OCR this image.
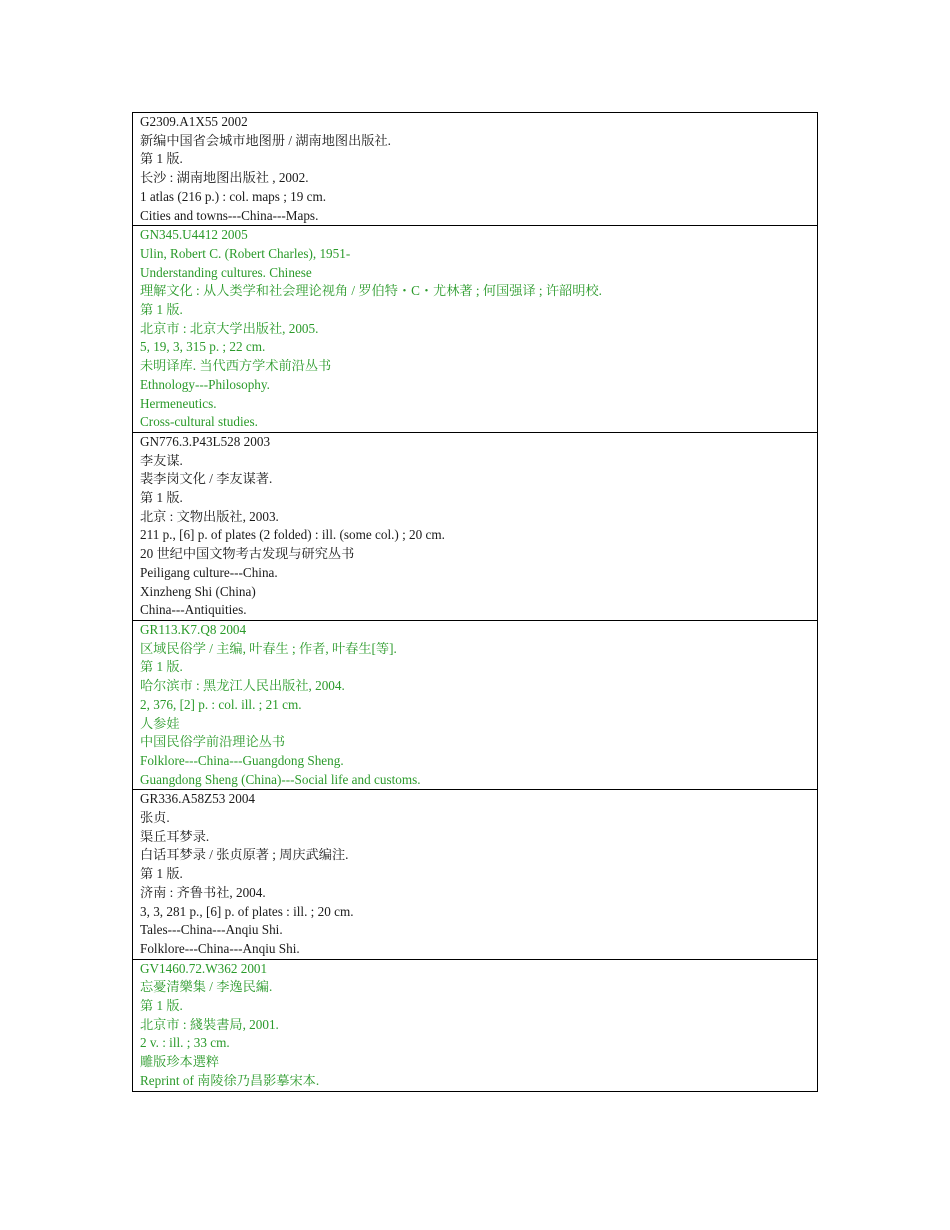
G2309.A1X55 2002
新编中国省会城市地图册 / 湖南地图出版社.
第 1 版.
长沙 : 湖南地图出版社 , 2002.
1 atlas (216 p.) : col. maps ; 19 cm.
Cities and towns---China---Maps.

GN345.U4412 2005
Ulin, Robert C. (Robert Charles), 1951-
Understanding cultures. Chinese
理解文化 : 从人类学和社会理论视角 / 罗伯特・C・尤林著 ; 何国强译 ; 许韶明校.
第 1 版.
北京市 : 北京大学出版社, 2005.
5, 19, 3, 315 p. ; 22 cm.
未明译库. 当代西方学术前沿丛书
Ethnology---Philosophy.
Hermeneutics.
Cross-cultural studies.

GN776.3.P43L528 2003
李友谋.
裴李岗文化 / 李友谋著.
第 1 版.
北京 : 文物出版社, 2003.
211 p., [6] p. of plates (2 folded) : ill. (some col.) ; 20 cm.
20 世纪中国文物考古发现与研究丛书
Peiligang culture---China.
Xinzheng Shi (China)
China---Antiquities.

GR113.K7.Q8 2004
区域民俗学 / 主编, 叶春生 ; 作者, 叶春生[等].
第 1 版.
哈尔滨市 : 黑龙江人民出版社, 2004.
2, 376, [2] p. : col. ill. ; 21 cm.
人参娃
中国民俗学前沿理论丛书
Folklore---China---Guangdong Sheng.
Guangdong Sheng (China)---Social life and customs.

GR336.A58Z53 2004
张贞.
渠丘耳梦录.
白话耳梦录 / 张贞原著 ; 周庆武编注.
第 1 版.
济南 : 齐鲁书社, 2004.
3, 3, 281 p., [6] p. of plates : ill. ; 20 cm.
Tales---China---Anqiu Shi.
Folklore---China---Anqiu Shi.

GV1460.72.W362 2001
忘憂清樂集 / 李逸民編.
第 1 版.
北京市 : 綫裝書局, 2001.
2 v. : ill. ; 33 cm.
雕版珍本選粹
Reprint of 南陵徐乃昌影摹宋本.
